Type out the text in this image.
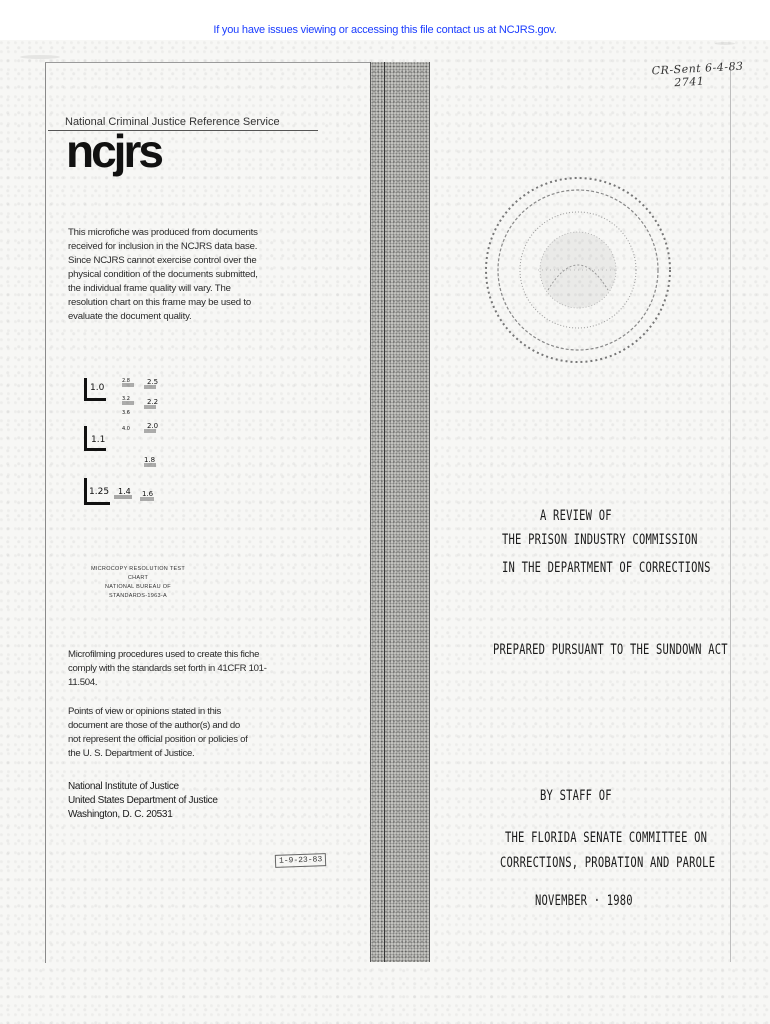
If you have issues viewing or accessing this file contact us at NCJRS.gov.
National Criminal Justice Reference Service
ncjrs
This microfiche was produced from documents received for inclusion in the NCJRS data base. Since NCJRS cannot exercise control over the physical condition of the documents submitted, the individual frame quality will vary. The resolution chart on this frame may be used to evaluate the document quality.
1.0
2.8 2.5
3.2 2.2
3.6
4.0 2.0
1.1
1.8
1.25 1.4 1.6
MICROCOPY RESOLUTION TEST CHART
NATIONAL BUREAU OF STANDARDS-1963-A
Microfilming procedures used to create this fiche comply with the standards set forth in 41CFR 101-11.504.
Points of view or opinions stated in this document are those of the author(s) and do not represent the official position or policies of the U. S. Department of Justice.
National Institute of Justice
United States Department of Justice
Washington, D. C. 20531
1-9-23-83
CR-Sent 6-4-83
2741
A REVIEW OF
THE PRISON INDUSTRY COMMISSION
IN THE DEPARTMENT OF CORRECTIONS
PREPARED PURSUANT TO THE SUNDOWN ACT
BY STAFF OF
THE FLORIDA SENATE COMMITTEE ON
CORRECTIONS, PROBATION AND PAROLE
NOVEMBER · 1980
